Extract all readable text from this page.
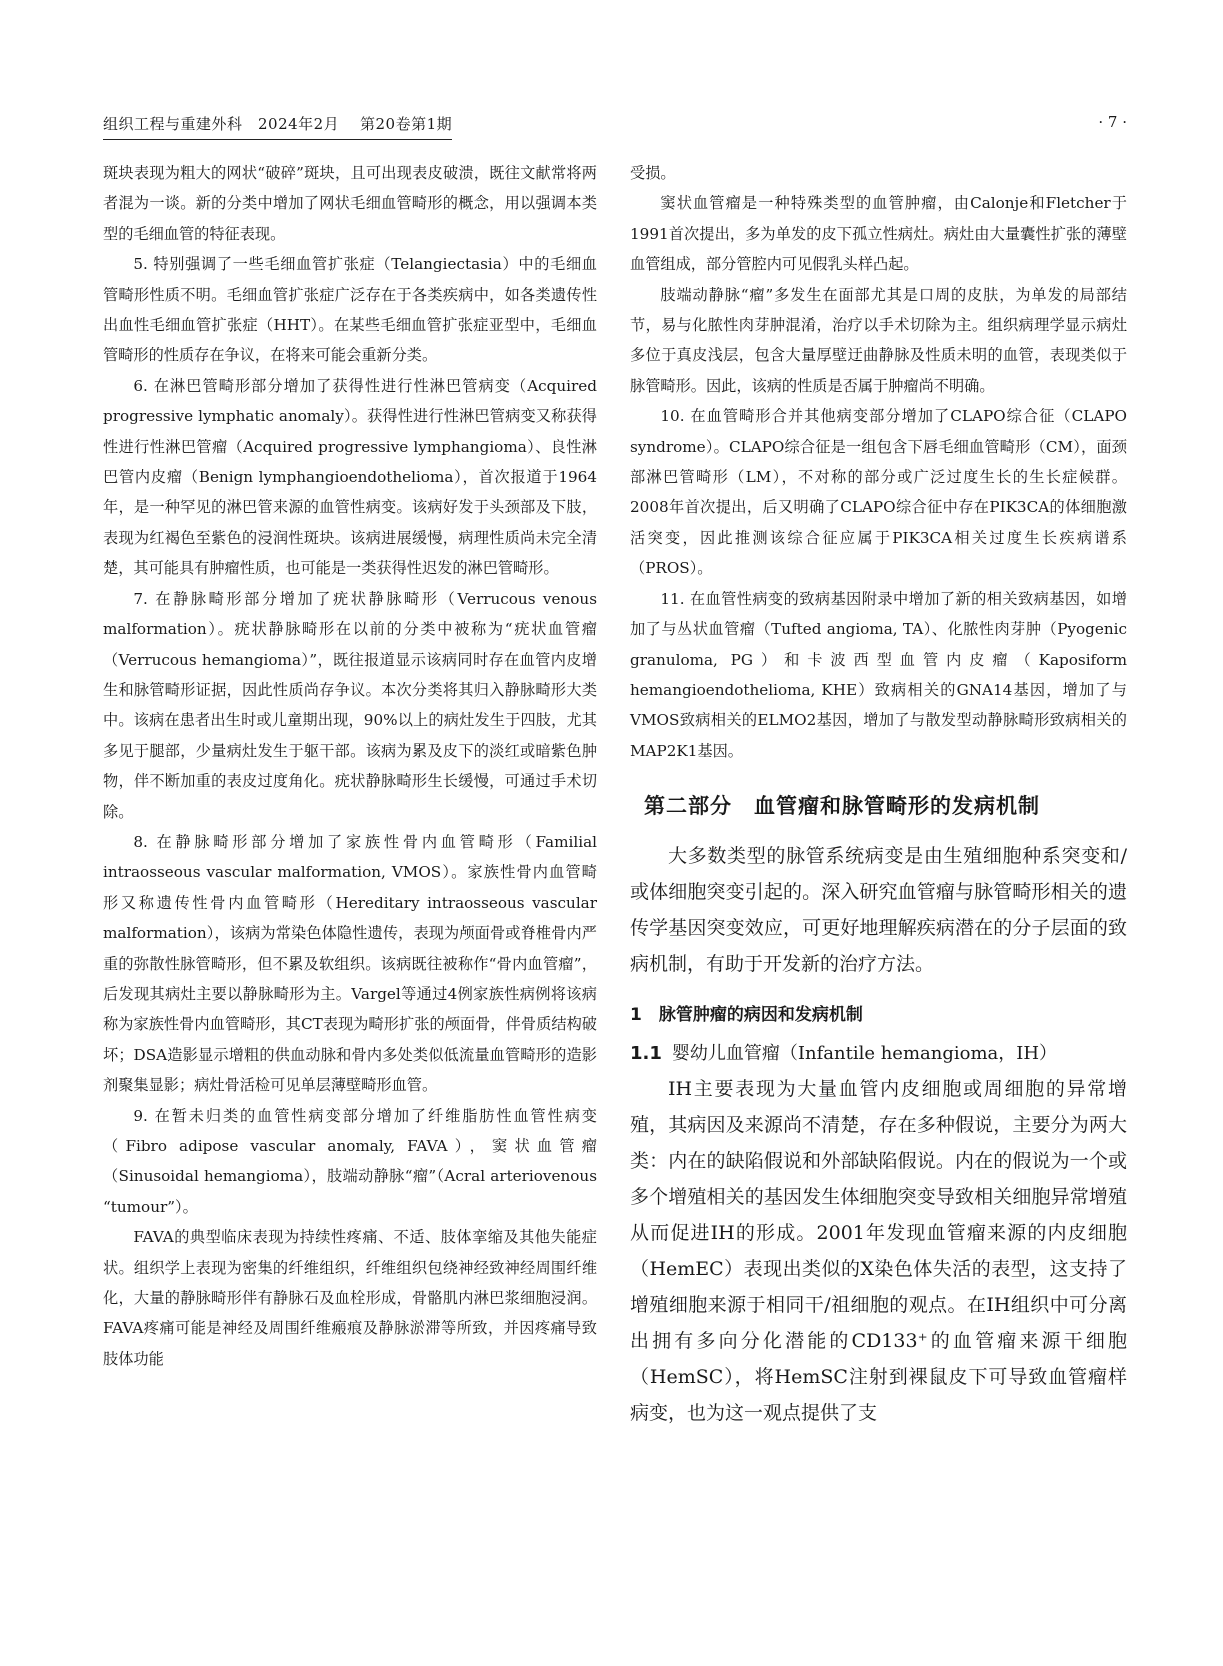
组织工程与重建外科　2024年2月　 第20卷第1期	· 7 ·

斑块表现为粗大的网状“破碎”斑块，且可出现表皮破溃，既往文献常将两者混为一谈。新的分类中增加了网状毛细血管畸形的概念，用以强调本类型的毛细血管的特征表现。

5. 特别强调了一些毛细血管扩张症（Telangiectasia）中的毛细血管畸形性质不明。毛细血管扩张症广泛存在于各类疾病中，如各类遗传性出血性毛细血管扩张症（HHT）。在某些毛细血管扩张症亚型中，毛细血管畸形的性质存在争议，在将来可能会重新分类。

6. 在淋巴管畸形部分增加了获得性进行性淋巴管病变（Acquired progressive lymphatic anomaly）。获得性进行性淋巴管病变又称获得性进行性淋巴管瘤（Acquired progressive lymphangioma）、良性淋巴管内皮瘤（Benign lymphangioendothelioma），首次报道于1964年，是一种罕见的淋巴管来源的血管性病变。该病好发于头颈部及下肢，表现为红褐色至紫色的浸润性斑块。该病进展缓慢，病理性质尚未完全清楚，其可能具有肿瘤性质，也可能是一类获得性迟发的淋巴管畸形。

7. 在静脉畸形部分增加了疣状静脉畸形（Verrucous venous malformation）。疣状静脉畸形在以前的分类中被称为“疣状血管瘤（Verrucous hemangioma）”，既往报道显示该病同时存在血管内皮增生和脉管畸形证据，因此性质尚存争议。本次分类将其归入静脉畸形大类中。该病在患者出生时或儿童期出现，90%以上的病灶发生于四肢，尤其多见于腿部，少量病灶发生于躯干部。该病为累及皮下的淡红或暗紫色肿物，伴不断加重的表皮过度角化。疣状静脉畸形生长缓慢，可通过手术切除。

8. 在静脉畸形部分增加了家族性骨内血管畸形（Familial intraosseous vascular malformation, VMOS）。家族性骨内血管畸形又称遗传性骨内血管畸形（Hereditary intraosseous vascular malformation），该病为常染色体隐性遗传，表现为颅面骨或脊椎骨内严重的弥散性脉管畸形，但不累及软组织。该病既往被称作“骨内血管瘤”，后发现其病灶主要以静脉畸形为主。Vargel等通过4例家族性病例将该病称为家族性骨内血管畸形，其CT表现为畸形扩张的颅面骨，伴骨质结构破坏；DSA造影显示增粗的供血动脉和骨内多处类似低流量血管畸形的造影剂聚集显影；病灶骨活检可见单层薄壁畸形血管。

9. 在暂未归类的血管性病变部分增加了纤维脂肪性血管性病变（Fibro adipose vascular anomaly, FAVA），窦状血管瘤（Sinusoidal hemangioma），肢端动静脉“瘤”（Acral arteriovenous “tumour”）。

FAVA的典型临床表现为持续性疼痛、不适、肢体挛缩及其他失能症状。组织学上表现为密集的纤维组织，纤维组织包绕神经致神经周围纤维化，大量的静脉畸形伴有静脉石及血栓形成，骨骼肌内淋巴浆细胞浸润。FAVA疼痛可能是神经及周围纤维瘢痕及静脉淤滞等所致，并因疼痛导致肢体功能

受损。

窦状血管瘤是一种特殊类型的血管肿瘤，由Calonje和Fletcher于1991首次提出，多为单发的皮下孤立性病灶。病灶由大量囊性扩张的薄壁血管组成，部分管腔内可见假乳头样凸起。

肢端动静脉“瘤”多发生在面部尤其是口周的皮肤，为单发的局部结节，易与化脓性肉芽肿混淆，治疗以手术切除为主。组织病理学显示病灶多位于真皮浅层，包含大量厚壁迂曲静脉及性质未明的血管，表现类似于脉管畸形。因此，该病的性质是否属于肿瘤尚不明确。

10. 在血管畸形合并其他病变部分增加了CLAPO综合征（CLAPO syndrome）。CLAPO综合征是一组包含下唇毛细血管畸形（CM），面颈部淋巴管畸形（LM），不对称的部分或广泛过度生长的生长症候群。2008年首次提出，后又明确了CLAPO综合征中存在PIK3CA的体细胞激活突变，因此推测该综合征应属于PIK3CA相关过度生长疾病谱系（PROS）。

11. 在血管性病变的致病基因附录中增加了新的相关致病基因，如增加了与丛状血管瘤（Tufted angioma, TA）、化脓性肉芽肿（Pyogenic granuloma, PG）和卡波西型血管内皮瘤（Kaposiform hemangioendothelioma, KHE）致病相关的GNA14基因，增加了与VMOS致病相关的ELMO2基因，增加了与散发型动静脉畸形致病相关的MAP2K1基因。

第二部分　血管瘤和脉管畸形的发病机制

大多数类型的脉管系统病变是由生殖细胞种系突变和/或体细胞突变引起的。深入研究血管瘤与脉管畸形相关的遗传学基因突变效应，可更好地理解疾病潜在的分子层面的致病机制，有助于开发新的治疗方法。

1　脉管肿瘤的病因和发病机制
1.1 婴幼儿血管瘤（Infantile hemangioma，IH）

IH主要表现为大量血管内皮细胞或周细胞的异常增殖，其病因及来源尚不清楚，存在多种假说，主要分为两大类：内在的缺陷假说和外部缺陷假说。内在的假说为一个或多个增殖相关的基因发生体细胞突变导致相关细胞异常增殖从而促进IH的形成。2001年发现血管瘤来源的内皮细胞（HemEC）表现出类似的X染色体失活的表型，这支持了增殖细胞来源于相同干/祖细胞的观点。在IH组织中可分离出拥有多向分化潜能的CD133⁺的血管瘤来源干细胞（HemSC），将HemSC注射到裸鼠皮下可导致血管瘤样病变，也为这一观点提供了支
